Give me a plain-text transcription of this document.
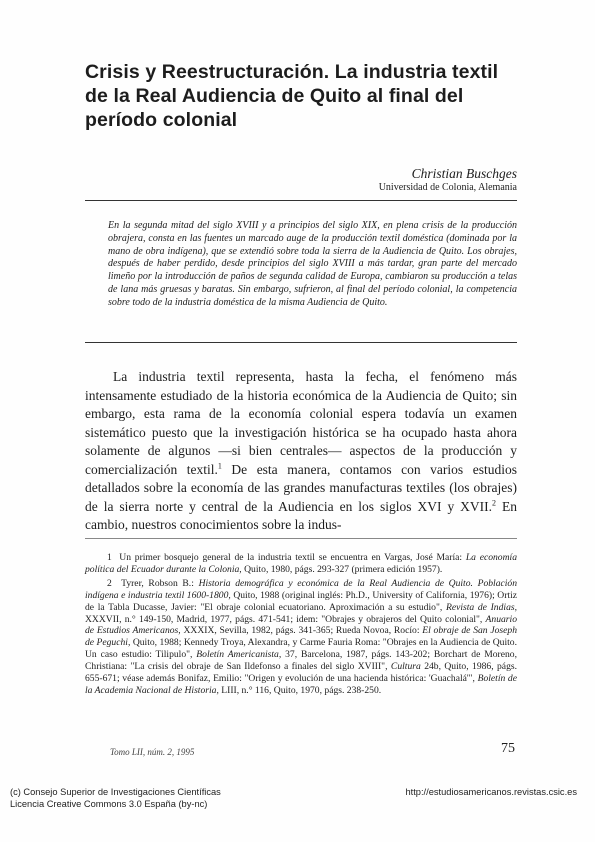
Crisis y Reestructuración. La industria textil de la Real Audiencia de Quito al final del período colonial
Christian Buschges
Universidad de Colonia, Alemania
En la segunda mitad del siglo XVIII y a principios del siglo XIX, en plena crisis de la producción obrajera, consta en las fuentes un marcado auge de la producción textil doméstica (dominada por la mano de obra indígena), que se extendió sobre toda la sierra de la Audiencia de Quito. Los obrajes, después de haber perdido, desde principios del siglo XVIII a más tardar, gran parte del mercado limeño por la introducción de paños de segunda calidad de Europa, cambiaron su producción a telas de lana más gruesas y baratas. Sin embargo, sufrieron, al final del período colonial, la competencia sobre todo de la industria doméstica de la misma Audiencia de Quito.
La industria textil representa, hasta la fecha, el fenómeno más intensamente estudiado de la historia económica de la Audiencia de Quito; sin embargo, esta rama de la economía colonial espera todavía un examen sistemático puesto que la investigación histórica se ha ocupado hasta ahora solamente de algunos —si bien centrales— aspectos de la producción y comercialización textil.$^1$ De esta manera, contamos con varios estudios detallados sobre la economía de las grandes manufacturas textiles (los obrajes) de la sierra norte y central de la Audiencia en los siglos XVI y XVII.$^2$ En cambio, nuestros conocimientos sobre la indus-

1 Un primer bosquejo general de la industria textil se encuentra en Vargas, José María: La economía política del Ecuador durante la Colonia, Quito, 1980, págs. 293-327 (primera edición 1957).

2 Tyrer, Robson B.: Historia demográfica y económica de la Real Audiencia de Quito. Población indígena e industria textil 1600-1800, Quito, 1988 (original inglés: Ph.D., University of California, 1976); Ortiz de la Tabla Ducasse, Javier: "El obraje colonial ecuatoriano. Aproximación a su estudio", Revista de Indias, XXXVII, n.° 149-150, Madrid, 1977, págs. 471-541; idem: "Obrajes y obrajeros del Quito colonial", Anuario de Estudios Americanos, XXXIX, Sevilla, 1982, págs. 341-365; Rueda Novoa, Rocío: El obraje de San Joseph de Peguchi, Quito, 1988; Kennedy Troya, Alexandra, y Carme Fauria Roma: "Obrajes en la Audiencia de Quito. Un caso estudio: Tilipulo", Boletín Americanista, 37, Barcelona, 1987, págs. 143-202; Borchart de Moreno, Christiana: "La crisis del obraje de San Ildefonso a finales del siglo XVIII", Cultura 24b, Quito, 1986, págs. 655-671; véase además Bonifaz, Emilio: "Origen y evolución de una hacienda histórica: 'Guachalá'", Boletín de la Academia Nacional de Historia, LIII, n.° 116, Quito, 1970, págs. 238-250.

Tomo LII, núm. 2, 1995	75
(c) Consejo Superior de Investigaciones Científicas
Licencia Creative Commons 3.0 España (by-nc)
http://estudiosamericanos.revistas.csic.es
